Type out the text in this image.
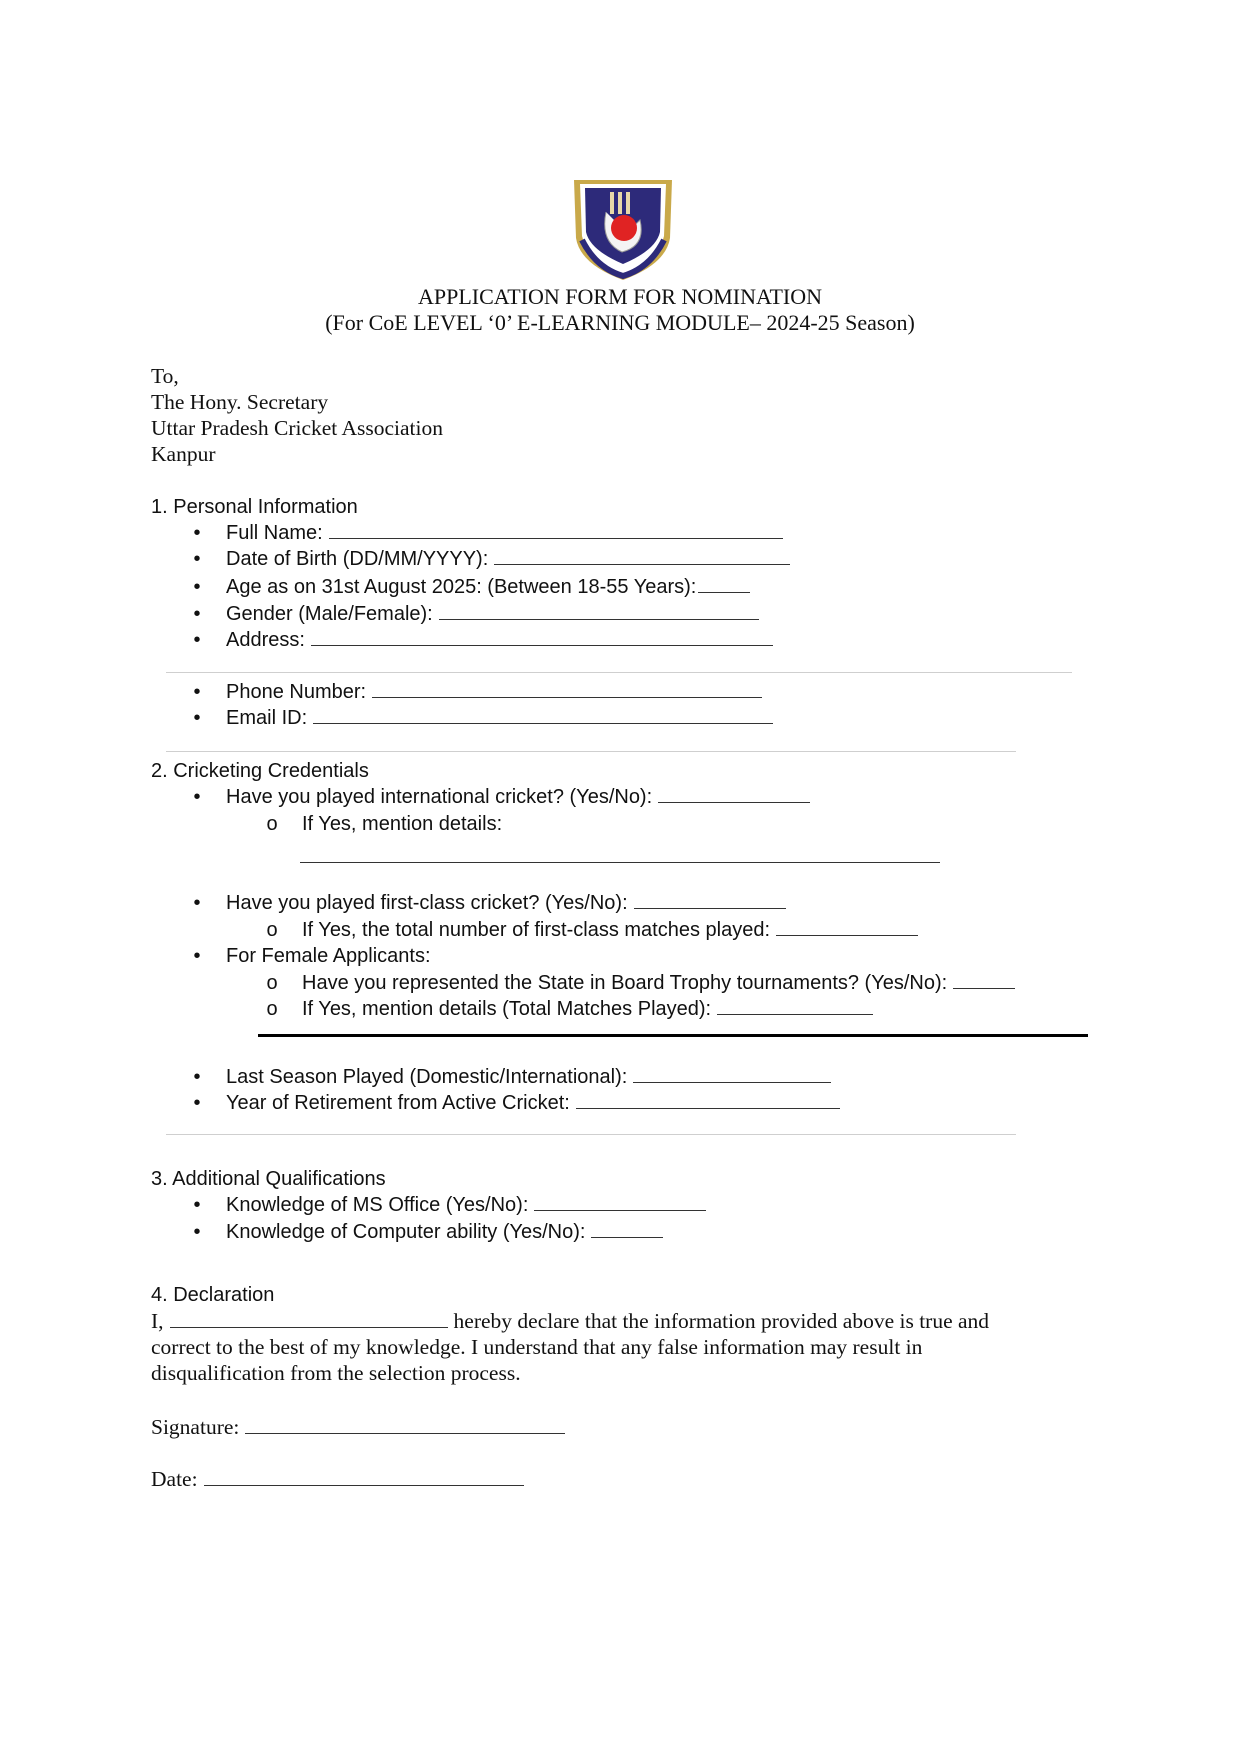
APPLICATION FORM FOR NOMINATION
(For CoE LEVEL ‘0’ E-LEARNING MODULE– 2024-25 Season)
To,
The Hony. Secretary
Uttar Pradesh Cricket Association
Kanpur
1. Personal Information
• Full Name:
• Date of Birth (DD/MM/YYYY):
• Age as on 31st August 2025: (Between 18-55 Years):
• Gender (Male/Female):
• Address:
• Phone Number:
• Email ID:
2. Cricketing Credentials
• Have you played international cricket? (Yes/No):
o If Yes, mention details:
• Have you played first-class cricket? (Yes/No):
o If Yes, the total number of first-class matches played:
• For Female Applicants:
o Have you represented the State in Board Trophy tournaments? (Yes/No):
o If Yes, mention details (Total Matches Played):
• Last Season Played (Domestic/International):
• Year of Retirement from Active Cricket:
3. Additional Qualifications
• Knowledge of MS Office (Yes/No):
• Knowledge of Computer ability (Yes/No):
4. Declaration
I,	hereby declare that the information provided above is true and correct to the best of my knowledge. I understand that any false information may result in disqualification from the selection process.
Signature:
Date:
